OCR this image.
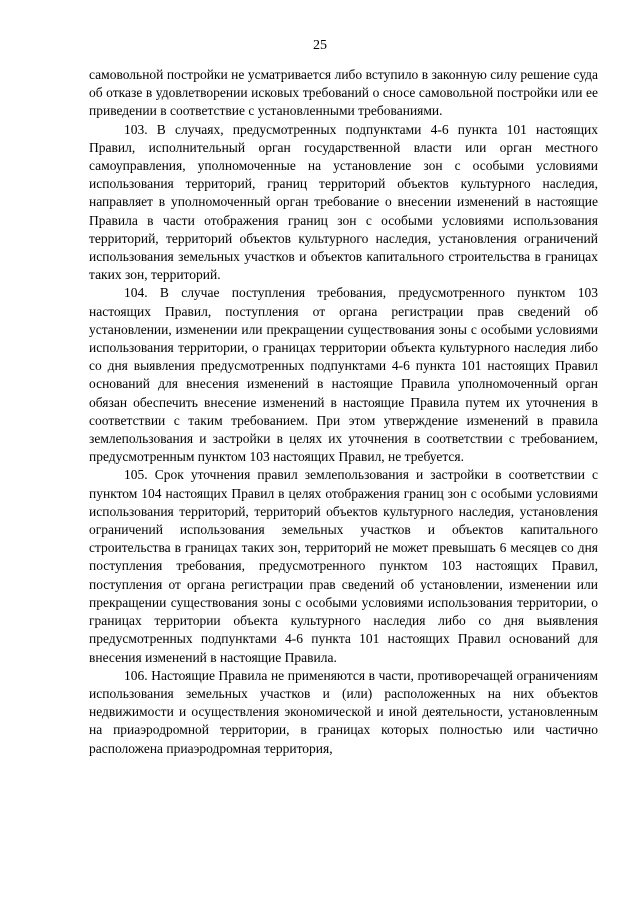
25

самовольной постройки не усматривается либо вступило в законную силу решение суда об отказе в удовлетворении исковых требований о сносе самовольной постройки или ее приведении в соответствие с установленными требованиями.

103. В случаях, предусмотренных подпунктами 4-6 пункта 101 настоящих Правил, исполнительный орган государственной власти или орган местного самоуправления, уполномоченные на установление зон с особыми условиями использования территорий, границ территорий объектов культурного наследия, направляет в уполномоченный орган требование о внесении изменений в настоящие Правила в части отображения границ зон с особыми условиями использования территорий, территорий объектов культурного наследия, установления ограничений использования земельных участков и объектов капитального строительства в границах таких зон, территорий.

104. В случае поступления требования, предусмотренного пунктом 103 настоящих Правил, поступления от органа регистрации прав сведений об установлении, изменении или прекращении существования зоны с особыми условиями использования территории, о границах территории объекта культурного наследия либо со дня выявления предусмотренных подпунктами 4-6 пункта 101 настоящих Правил оснований для внесения изменений в настоящие Правила уполномоченный орган обязан обеспечить внесение изменений в настоящие Правила путем их уточнения в соответствии с таким требованием. При этом утверждение изменений в правила землепользования и застройки в целях их уточнения в соответствии с требованием, предусмотренным пунктом 103 настоящих Правил, не требуется.

105. Срок уточнения правил землепользования и застройки в соответствии с пунктом 104 настоящих Правил в целях отображения границ зон с особыми условиями использования территорий, территорий объектов культурного наследия, установления ограничений использования земельных участков и объектов капитального строительства в границах таких зон, территорий не может превышать 6 месяцев со дня поступления требования, предусмотренного пунктом 103 настоящих Правил, поступления от органа регистрации прав сведений об установлении, изменении или прекращении существования зоны с особыми условиями использования территории, о границах территории объекта культурного наследия либо со дня выявления предусмотренных подпунктами 4-6 пункта 101 настоящих Правил оснований для внесения изменений в настоящие Правила.

106. Настоящие Правила не применяются в части, противоречащей ограничениям использования земельных участков и (или) расположенных на них объектов недвижимости и осуществления экономической и иной деятельности, установленным на приаэродромной территории, в границах которых полностью или частично расположена приаэродромная территория,
